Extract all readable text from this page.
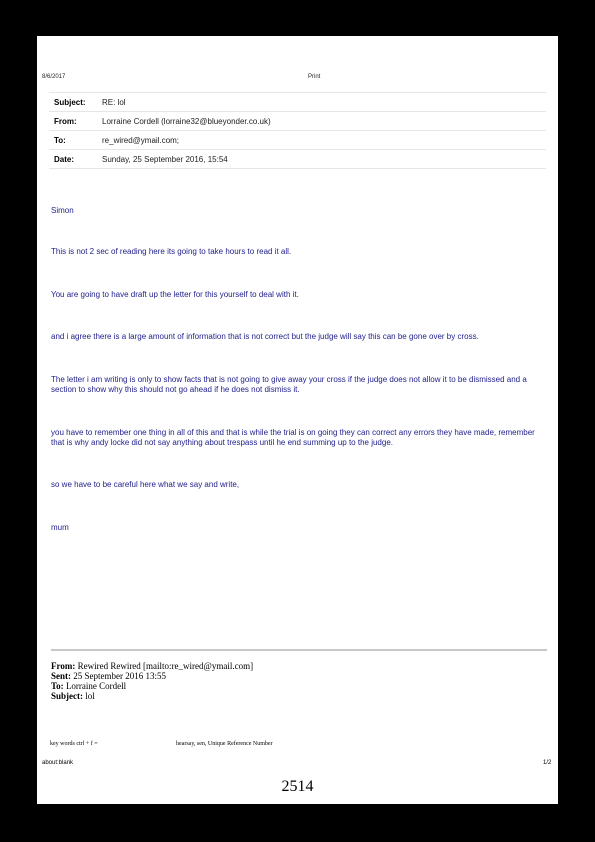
8/6/2017	Print
Subject:	RE: lol
From:	Lorraine Cordell (lorraine32@blueyonder.co.uk)
To:	re_wired@ymail.com;
Date:	Sunday, 25 September 2016, 15:54

Simon

This is not 2 sec of reading here its going to take hours to read it all.

You are going to have draft up the letter for this yourself to deal with it.

and i agree there is a large amount of information that is not correct but the judge will say this can be gone over by cross.

The letter i am writing is only to show facts that is not going to give away your cross if the judge does not allow it to be dismissed and a section to show why this should not go ahead if he does not dismiss it.

you have to remember one thing in all of this and that is while the trial is on going they can correct any errors they have made, remember that is why andy locke did not say anything about trespass until he end summing up to the judge.

so we have to be careful here what we say and write,

mum

From: Rewired Rewired [mailto:re_wired@ymail.com]
Sent: 25 September 2016 13:55
To: Lorraine Cordell
Subject: lol
key words ctrl + f =	hearsay, sen, Unique Reference Number
about:blank	1/2
2514
